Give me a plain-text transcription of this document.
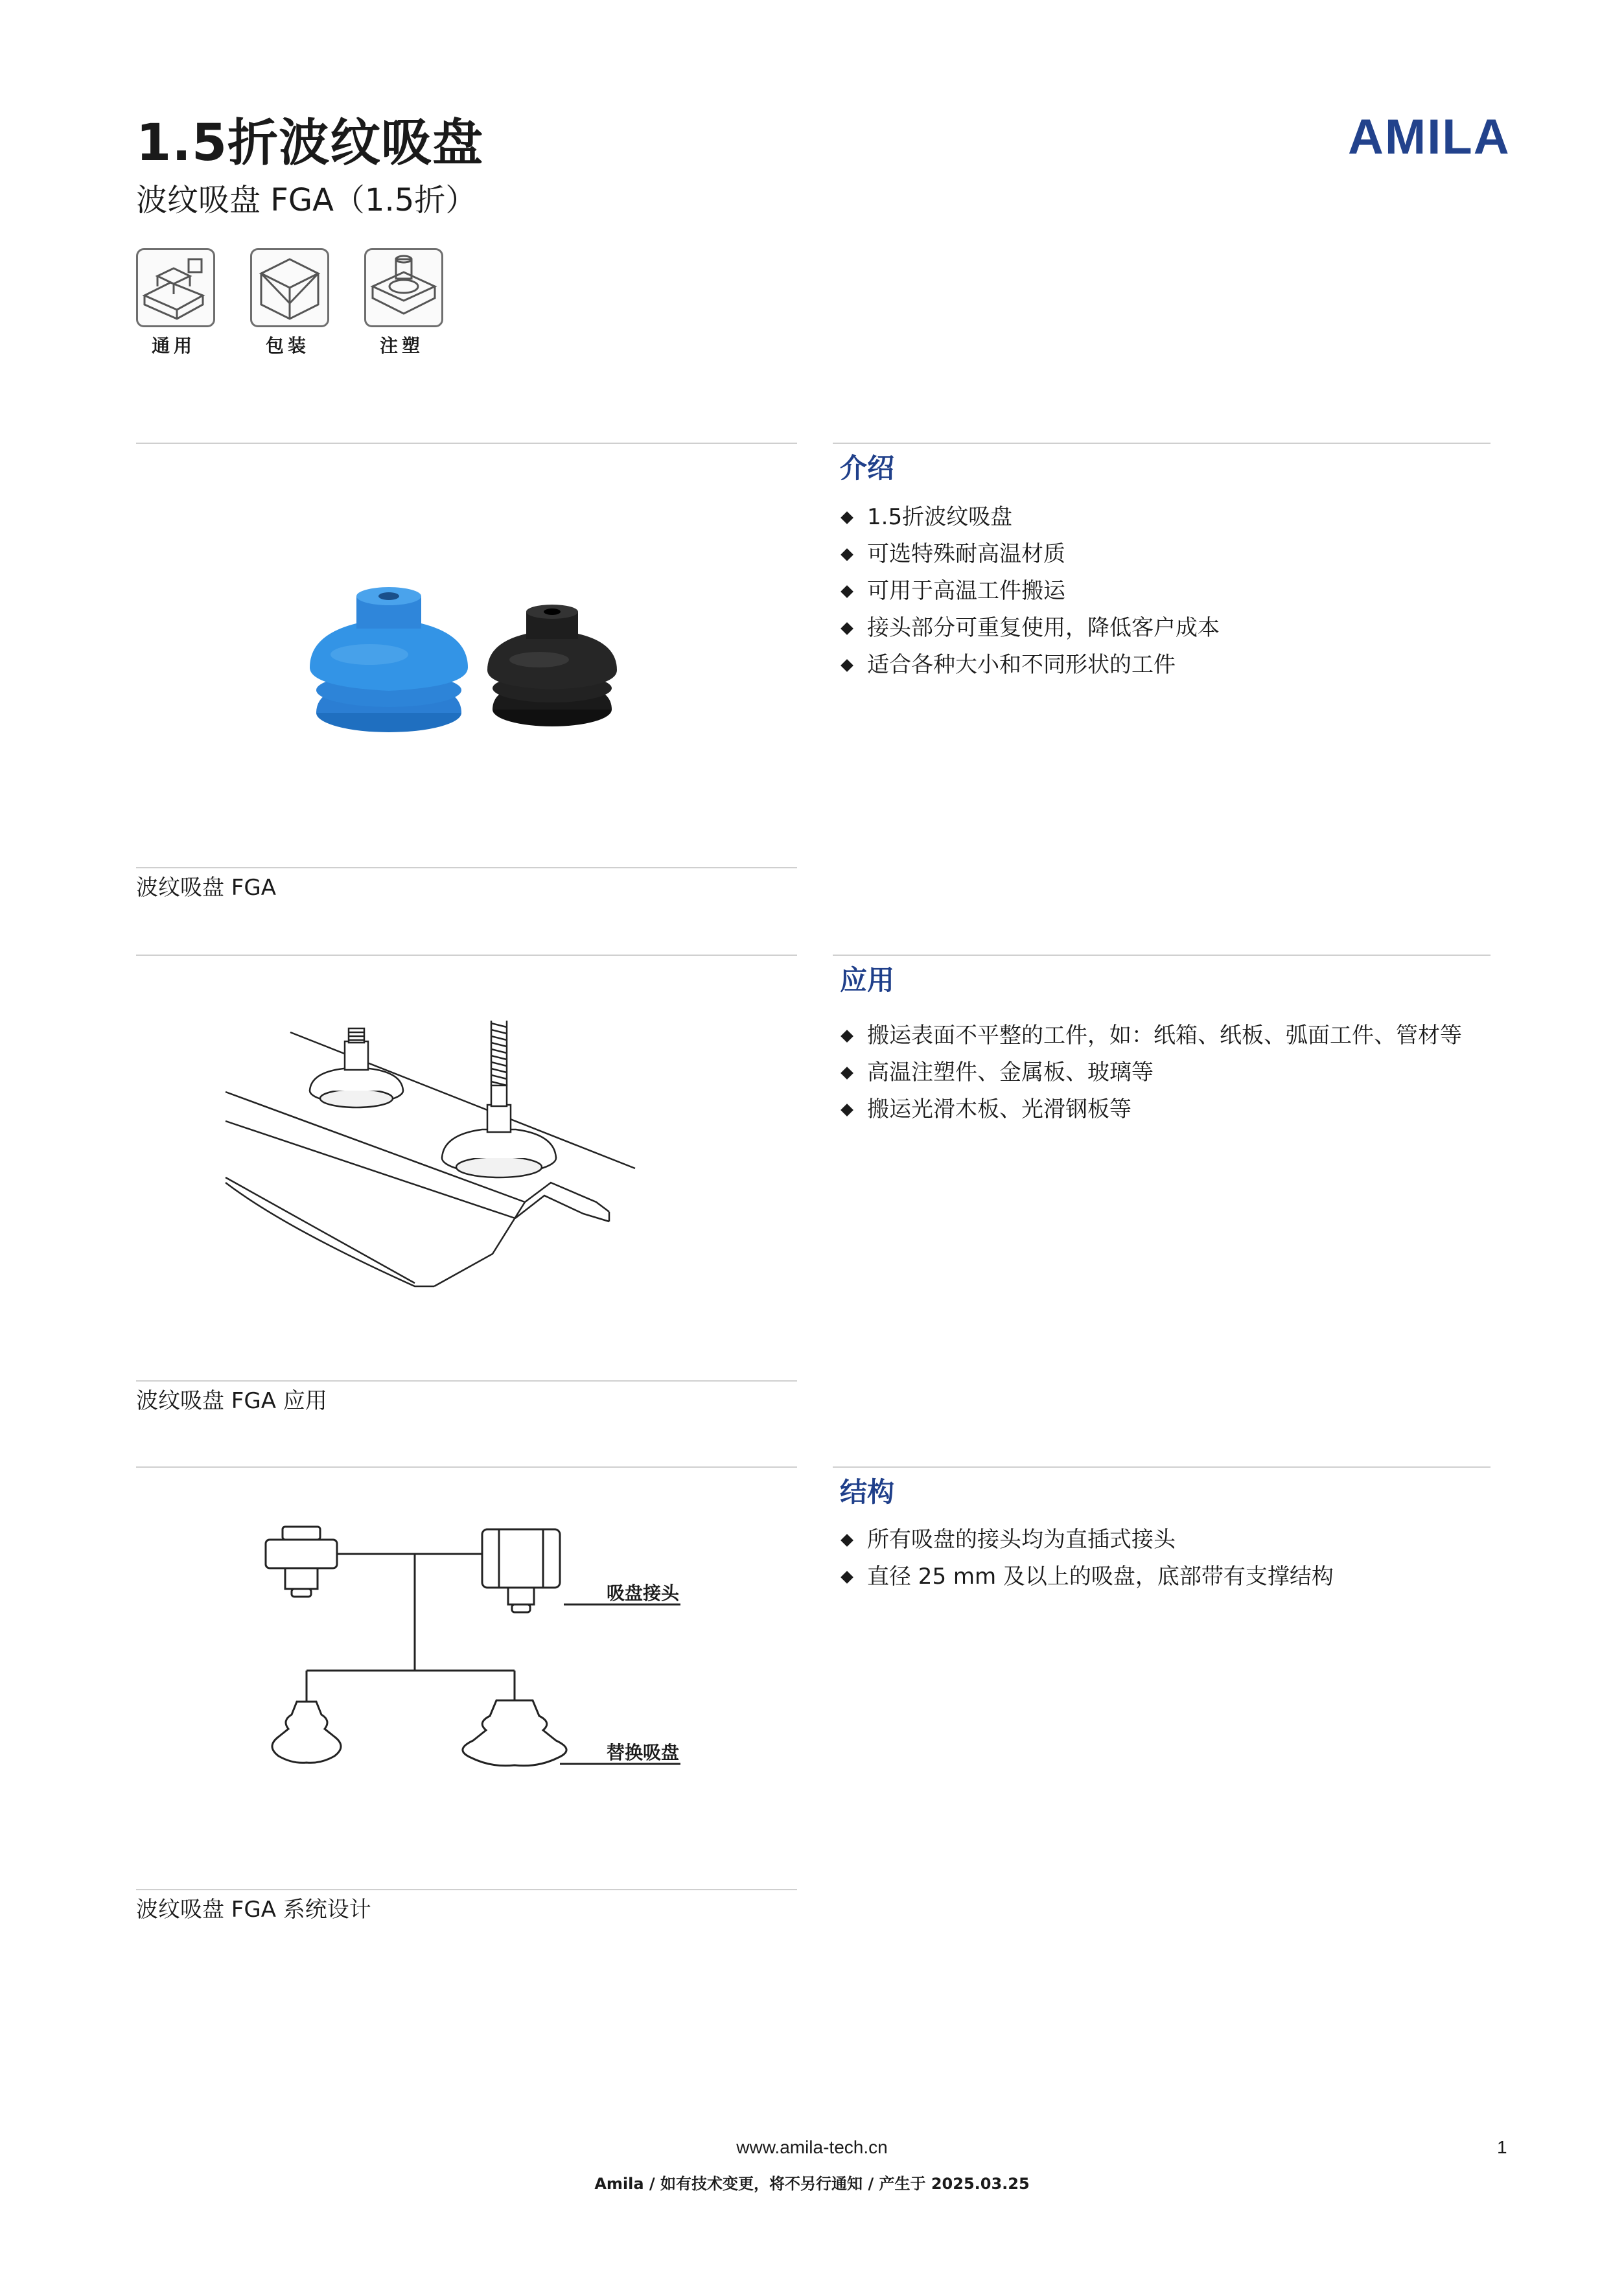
1.5折波纹吸盘
波纹吸盘 FGA（1.5折）
AMILA
通用	包装	注塑
波纹吸盘 FGA
介绍
1.5折波纹吸盘
可选特殊耐高温材质
可用于高温工件搬运
接头部分可重复使用，降低客户成本
适合各种大小和不同形状的工件
波纹吸盘 FGA 应用
应用
搬运表面不平整的工件，如：纸箱、纸板、弧面工件、管材等
高温注塑件、金属板、玻璃等
搬运光滑木板、光滑钢板等
吸盘接头
替换吸盘
波纹吸盘 FGA 系统设计
结构
所有吸盘的接头均为直插式接头
直径 25 mm 及以上的吸盘，底部带有支撑结构
www.amila-tech.cn
Amila / 如有技术变更，将不另行通知 / 产生于 2025.03.25
1
